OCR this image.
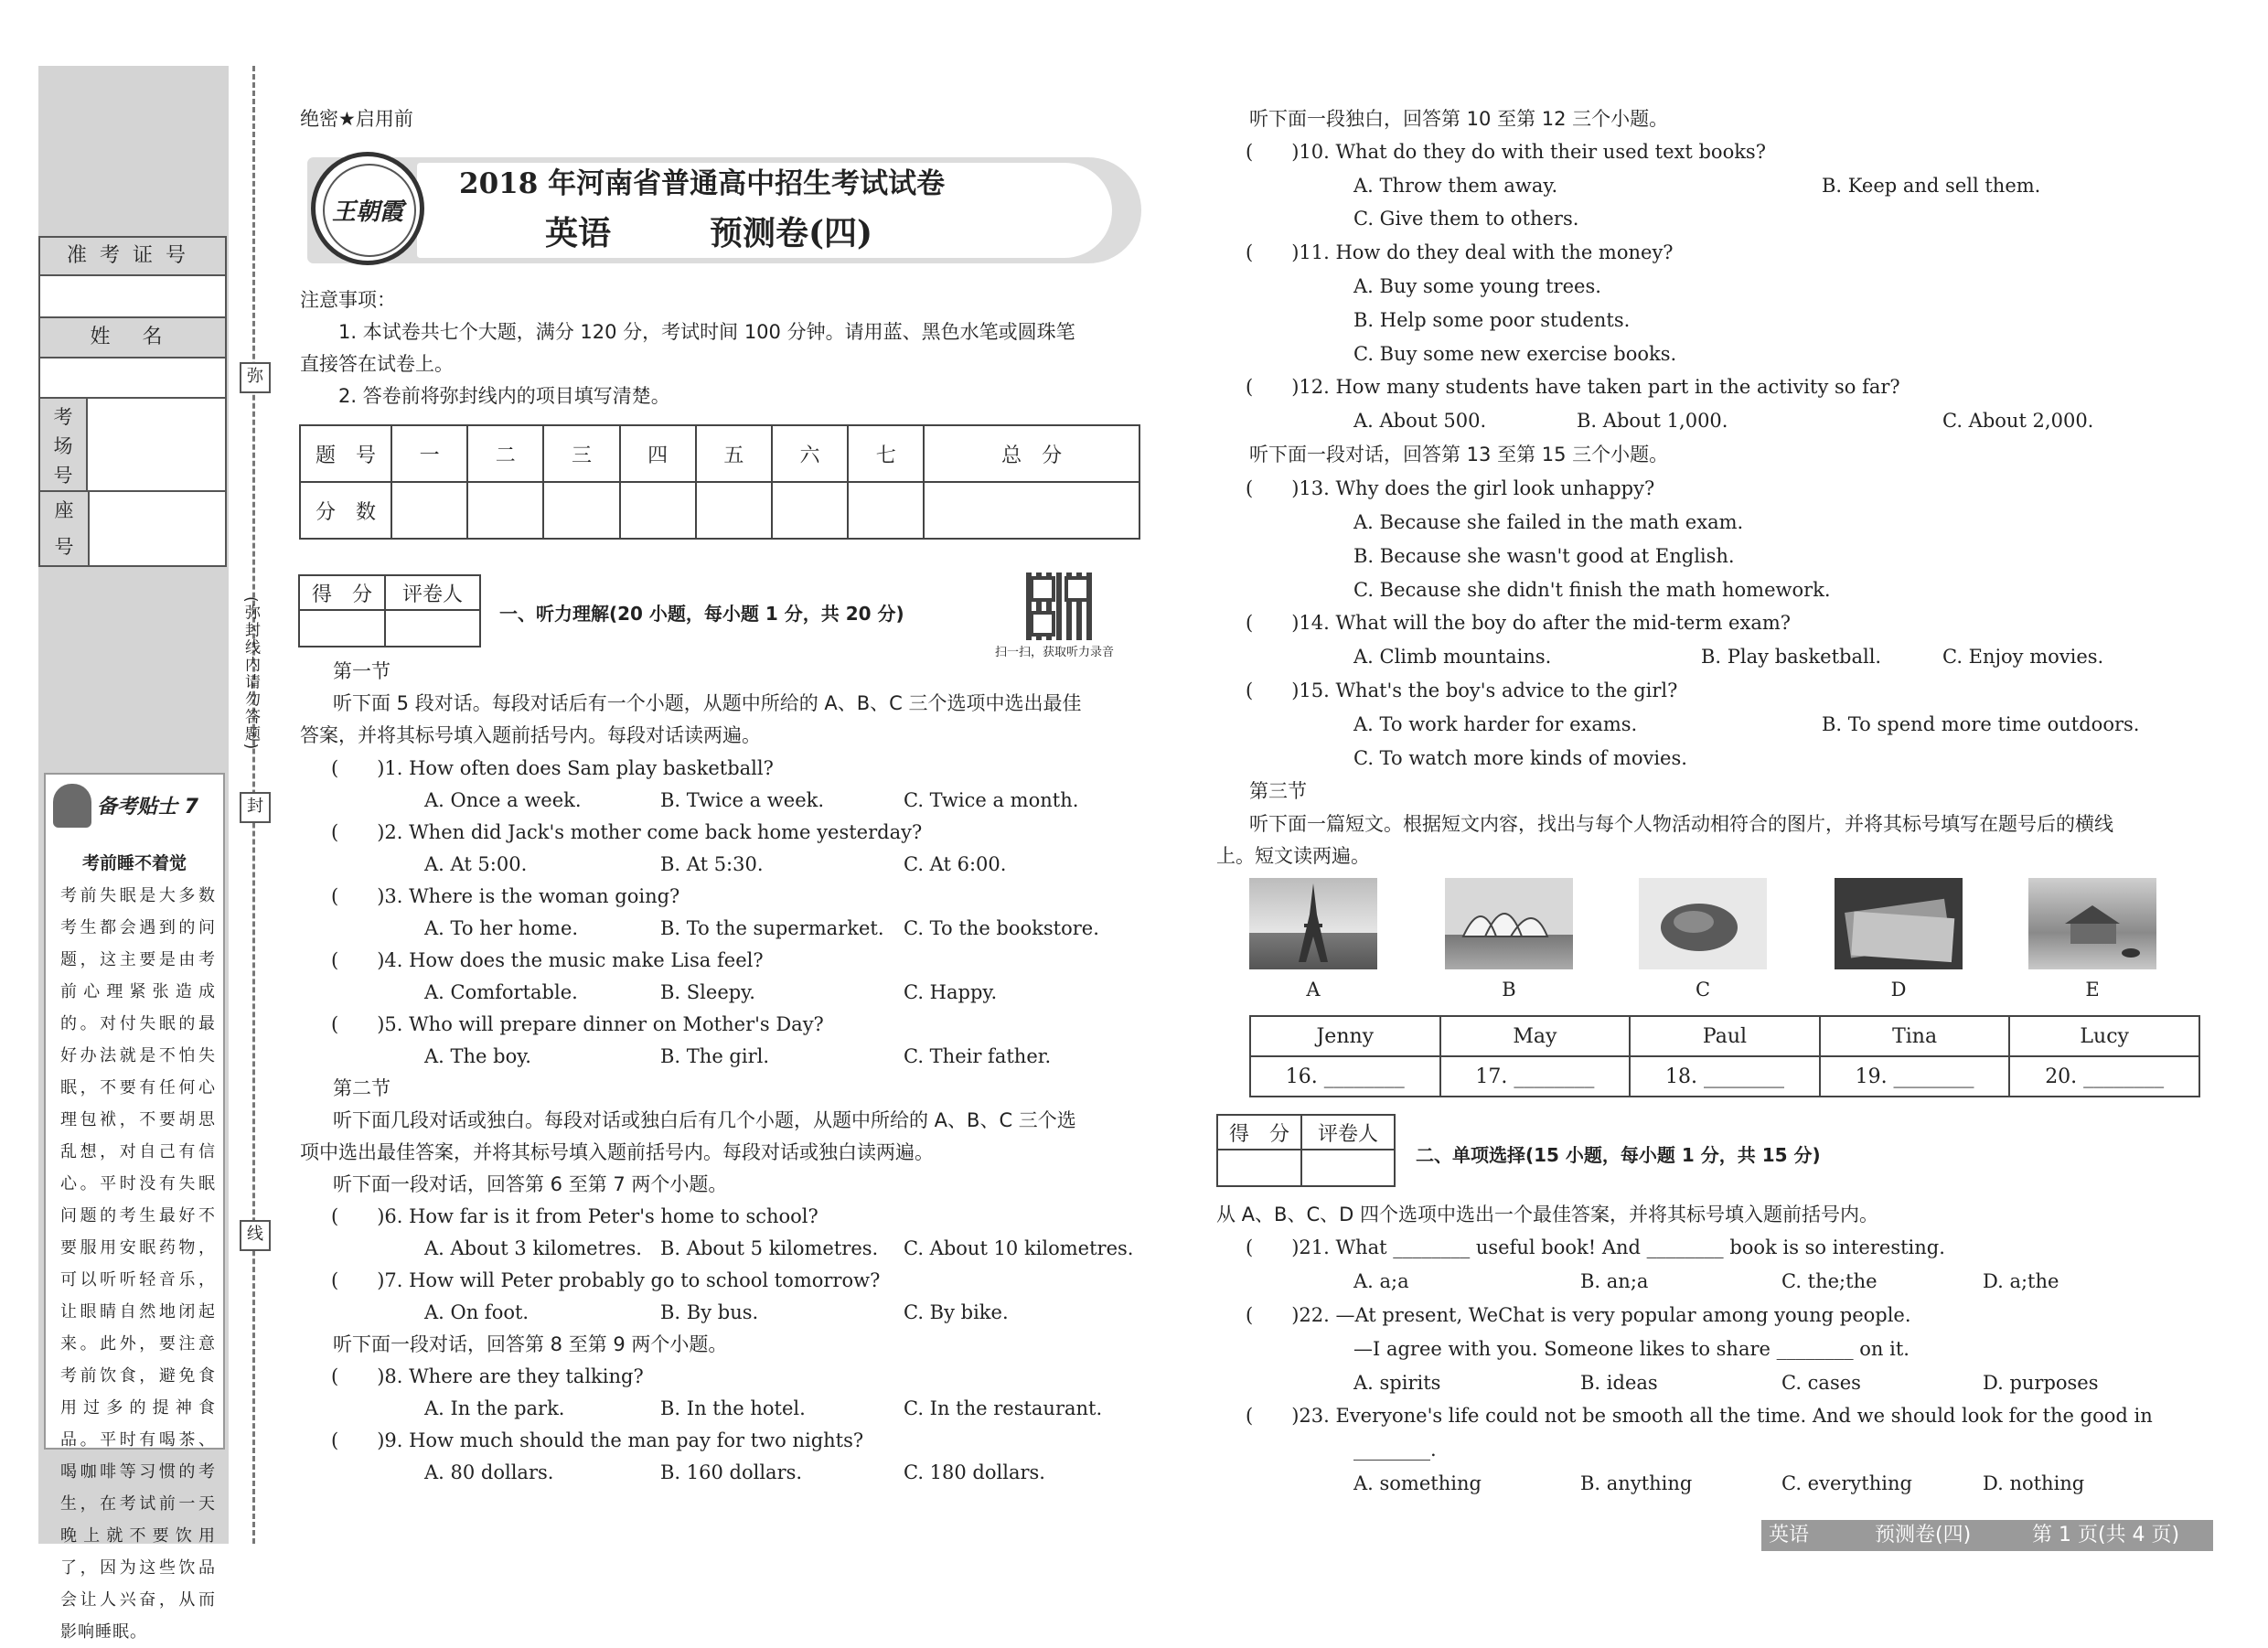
准考证号
姓 名
考
场
号
座
号
弥
(弥封线内请勿答题)
封
线
备考贴士 7
考前睡不着觉
考前失眠是大多数考生都会遇到的问题，这主要是由考前心理紧张造成的。对付失眠的最好办法就是不怕失眠，不要有任何心理包袱，不要胡思乱想，对自己有信心。平时没有失眠问题的考生最好不要服用安眠药物，可以听听轻音乐，让眼睛自然地闭起来。此外，要注意考前饮食，避免食用过多的提神食品。平时有喝茶、喝咖啡等习惯的考生，在考试前一天晚上就不要饮用了，因为这些饮品会让人兴奋，从而影响睡眠。
绝密★启用前
王朝霞
2018 年河南省普通高中招生考试试卷
英语	预测卷(四)
注意事项：
1. 本试卷共七个大题，满分 120 分，考试时间 100 分钟。请用蓝、黑色水笔或圆珠笔
直接答在试卷上。
2. 答卷前将弥封线内的项目填写清楚。
题　号	一	二	三	四	五	六	七	总　分
分　数								
得　分	评卷人

一、听力理解(20 小题，每小题 1 分，共 20 分)
扫一扫，获取听力录音
第一节
听下面 5 段对话。每段对话后有一个小题，从题中所给的 A、B、C 三个选项中选出最佳
答案，并将其标号填入题前括号内。每段对话读两遍。
(　　)1. How often does Sam play basketball?
A. Once a week.	B. Twice a week.	C. Twice a month.
(　　)2. When did Jack's mother come back home yesterday?
A. At 5:00.	B. At 5:30.	C. At 6:00.
(　　)3. Where is the woman going?
A. To her home.	B. To the supermarket. C. To the bookstore.
(　　)4. How does the music make Lisa feel?
A. Comfortable.	B. Sleepy.	C. Happy.
(　　)5. Who will prepare dinner on Mother's Day?
A. The boy.	B. The girl.	C. Their father.
第二节
听下面几段对话或独白。每段对话或独白后有几个小题，从题中所给的 A、B、C 三个选
项中选出最佳答案，并将其标号填入题前括号内。每段对话或独白读两遍。
听下面一段对话，回答第 6 至第 7 两个小题。
(　　)6. How far is it from Peter's home to school?
A. About 3 kilometres. B. About 5 kilometres. C. About 10 kilometres.
(　　)7. How will Peter probably go to school tomorrow?
A. On foot.	B. By bus.	C. By bike.
听下面一段对话，回答第 8 至第 9 两个小题。
(　　)8. Where are they talking?
A. In the park.	B. In the hotel.	C. In the restaurant.
(　　)9. How much should the man pay for two nights?
A. 80 dollars.	B. 160 dollars.	C. 180 dollars.
听下面一段独白，回答第 10 至第 12 三个小题。
(　　)10. What do they do with their used text books?
A. Throw them away.	B. Keep and sell them.
C. Give them to others.
(　　)11. How do they deal with the money?
A. Buy some young trees.
B. Help some poor students.
C. Buy some new exercise books.
(　　)12. How many students have taken part in the activity so far?
A. About 500.	B. About 1,000.	C. About 2,000.
听下面一段对话，回答第 13 至第 15 三个小题。
(　　)13. Why does the girl look unhappy?
A. Because she failed in the math exam.
B. Because she wasn't good at English.
C. Because she didn't finish the math homework.
(　　)14. What will the boy do after the mid-term exam?
A. Climb mountains.	B. Play basketball.	C. Enjoy movies.
(　　)15. What's the boy's advice to the girl?
A. To work harder for exams.	B. To spend more time outdoors.
C. To watch more kinds of movies.
第三节
听下面一篇短文。根据短文内容，找出与每个人物活动相符合的图片，并将其标号填写在题号后的横线
上。短文读两遍。
A	B	C	D	E
Jenny	May	Paul	Tina	Lucy
16. ________	17. ________	18. ________	19. ________	20. ________
得　分	评卷人

二、单项选择(15 小题，每小题 1 分，共 15 分)
从 A、B、C、D 四个选项中选出一个最佳答案，并将其标号填入题前括号内。
(　　)21. What ________ useful book! And ________ book is so interesting.
A. a;a	B. an;a	C. the;the	D. a;the
(　　)22. —At present, WeChat is very popular among young people.
—I agree with you. Someone likes to share ________ on it.
A. spirits	B. ideas	C. cases	D. purposes
(　　)23. Everyone's life could not be smooth all the time. And we should look for the good in
________.
A. something	B. anything	C. everything	D. nothing
英语	预测卷(四)	第 1 页(共 4 页)
